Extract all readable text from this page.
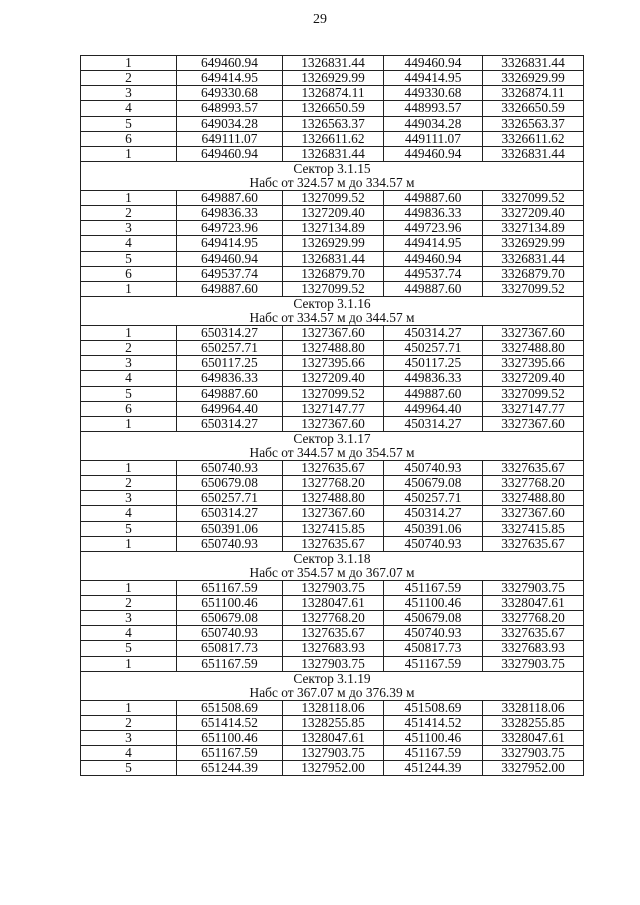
29
1	649460.94	1326831.44	449460.94	3326831.44
2	649414.95	1326929.99	449414.95	3326929.99
3	649330.68	1326874.11	449330.68	3326874.11
4	648993.57	1326650.59	448993.57	3326650.59
5	649034.28	1326563.37	449034.28	3326563.37
6	649111.07	1326611.62	449111.07	3326611.62
1	649460.94	1326831.44	449460.94	3326831.44

Сектор 3.1.15
Набс от 324.57 м до 334.57 м				

1	649887.60	1327099.52	449887.60	3327099.52
2	649836.33	1327209.40	449836.33	3327209.40
3	649723.96	1327134.89	449723.96	3327134.89
4	649414.95	1326929.99	449414.95	3326929.99
5	649460.94	1326831.44	449460.94	3326831.44
6	649537.74	1326879.70	449537.74	3326879.70
1	649887.60	1327099.52	449887.60	3327099.52

Сектор 3.1.16
Набс от 334.57 м до 344.57 м				

1	650314.27	1327367.60	450314.27	3327367.60
2	650257.71	1327488.80	450257.71	3327488.80
3	650117.25	1327395.66	450117.25	3327395.66
4	649836.33	1327209.40	449836.33	3327209.40
5	649887.60	1327099.52	449887.60	3327099.52
6	649964.40	1327147.77	449964.40	3327147.77
1	650314.27	1327367.60	450314.27	3327367.60

Сектор 3.1.17
Набс от 344.57 м до 354.57 м				

1	650740.93	1327635.67	450740.93	3327635.67
2	650679.08	1327768.20	450679.08	3327768.20
3	650257.71	1327488.80	450257.71	3327488.80
4	650314.27	1327367.60	450314.27	3327367.60
5	650391.06	1327415.85	450391.06	3327415.85
1	650740.93	1327635.67	450740.93	3327635.67

Сектор 3.1.18
Набс от 354.57 м до 367.07 м				

1	651167.59	1327903.75	451167.59	3327903.75
2	651100.46	1328047.61	451100.46	3328047.61
3	650679.08	1327768.20	450679.08	3327768.20
4	650740.93	1327635.67	450740.93	3327635.67
5	650817.73	1327683.93	450817.73	3327683.93
1	651167.59	1327903.75	451167.59	3327903.75

Сектор 3.1.19
Набс от 367.07 м до 376.39 м				

1	651508.69	1328118.06	451508.69	3328118.06
2	651414.52	1328255.85	451414.52	3328255.85
3	651100.46	1328047.61	451100.46	3328047.61
4	651167.59	1327903.75	451167.59	3327903.75
5	651244.39	1327952.00	451244.39	3327952.00
